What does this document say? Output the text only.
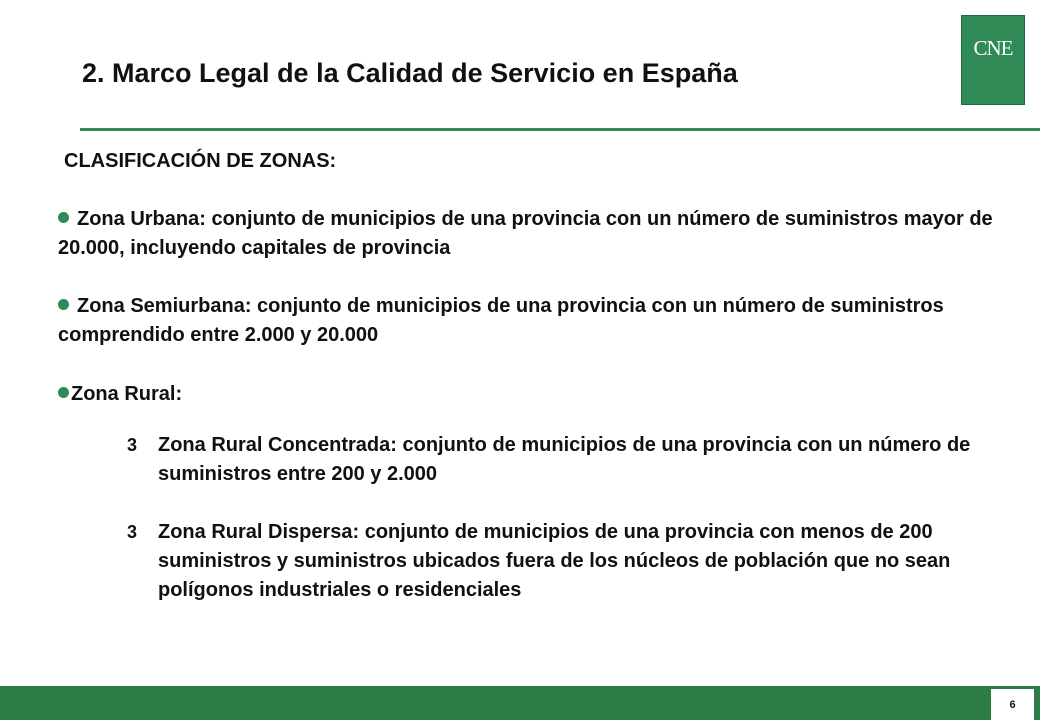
2. Marco Legal de la Calidad de Servicio en España
CNE
CLASIFICACIÓN DE ZONAS:
Zona Urbana: conjunto de municipios de una provincia con un número de suministros mayor de 20.000, incluyendo capitales de provincia
Zona Semiurbana: conjunto de municipios de una provincia con un número de suministros comprendido entre 2.000 y 20.000
Zona Rural:
3	Zona Rural Concentrada: conjunto de municipios de una provincia con un número de suministros entre 200 y 2.000
3	Zona Rural Dispersa: conjunto de municipios de una provincia con menos de 200 suministros y suministros ubicados fuera de los núcleos de población que no sean polígonos industriales o residenciales
6
